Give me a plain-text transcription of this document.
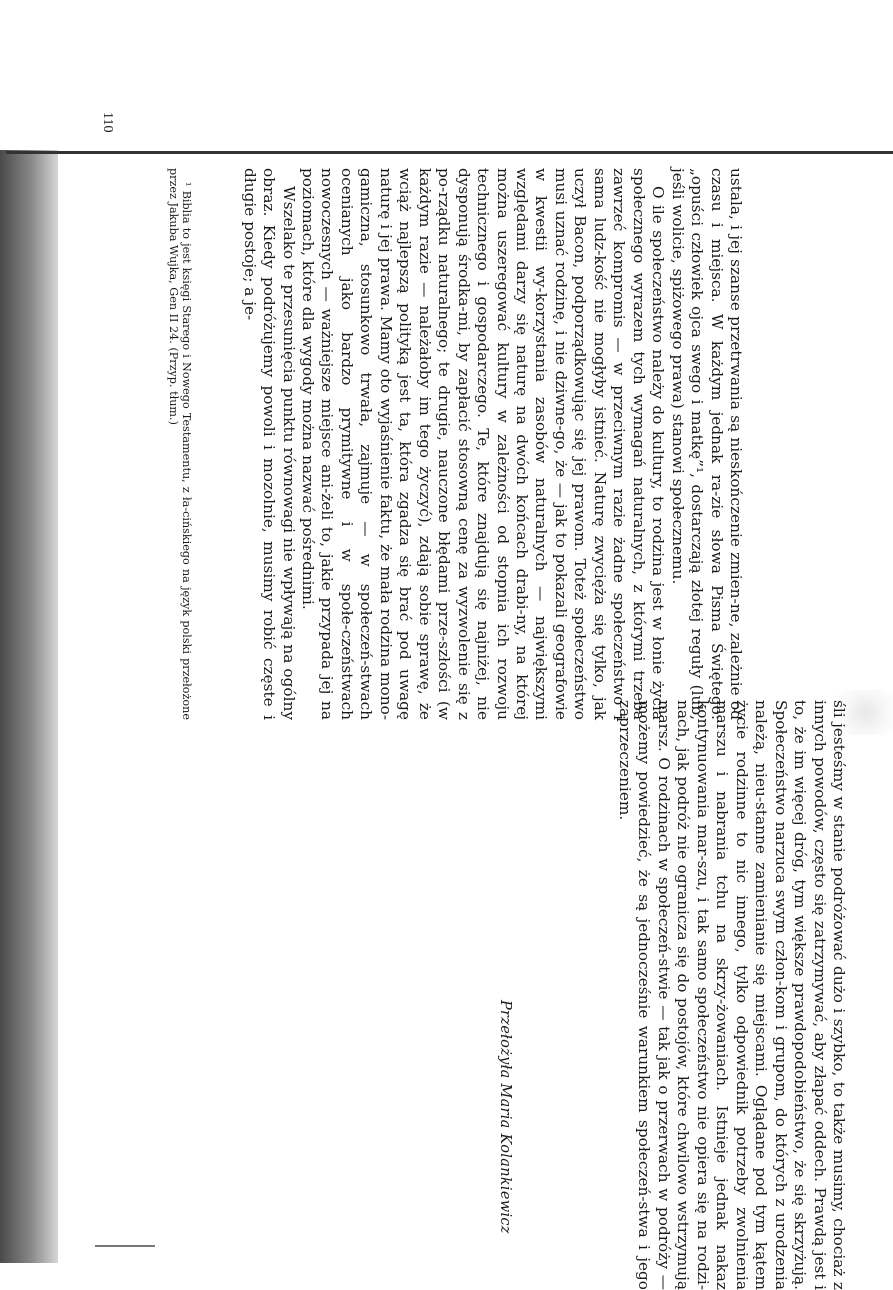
ustala, i jej szanse przetrwania są nieskończenie zmien-ne, zależnie od czasu i miejsca. W każdym jednak ra-zie słowa Pisma Świętego: „opuści człowiek ojca swego i matkę”¹, dostarczają złotej reguły (lub, jeśli wolicie, spiżowego prawa) stanowi społecznemu.

O ile społeczeństwo należy do kultury, to rodzina jest w łonie życia społecznego wyrazem tych wymagań naturalnych, z którymi trzeba zawrzeć kompromis — w przeciwnym razie żadne społeczeństwo i sama ludz-kość nie mogłyby istnieć. Naturę zwycięża się tylko, jak uczył Bacon, podporządkowując się jej prawom. Toteż społeczeństwo musi uznać rodzinę, i nie dziwne-go, że — jak to pokazali geografowie w kwestii wy-korzystania zasobów naturalnych — największymi względami darzy się naturę na dwóch końcach drabi-ny, na której można uszeregować kultury w zależności od stopnia ich rozwoju technicznego i gospodarczego. Te, które znajdują się najniżej, nie dysponują środka-mi, by zapłacić stosowną cenę za wyzwolenie się z po-rządku naturalnego; te drugie, nauczone błędami prze-szłości (w każdym razie — należałoby im tego życzyć), zdają sobie sprawę, że wciąż najlepszą polityką jest ta, która zgadza się brać pod uwagę naturę i jej prawa. Mamy oto wyjaśnienie faktu, że mała rodzina mono-gamiczna, stosunkowo trwała, zajmuje — w społeczeń-stwach ocenianych jako bardzo prymitywne i w społe-czeństwach nowoczesnych — ważniejsze miejsce ani-żeli to, jakie przypada jej na poziomach, które dla wygody można nazwać pośrednimi.

Wszelako te przesunięcia punktu równowagi nie wpływają na ogólny obraz. Kiedy podróżujemy powoli i mozolnie, musimy robić częste i długie postoje; a je-

¹ Biblia to jest księgi Starego i Nowego Testamentu, z ła-cińskiego na język polski przełożone przez Jakuba Wujka, Gen II 24. (Przyp. tłum.)

110

śli jesteśmy w stanie podróżować dużo i szybko, to także musimy, chociaż z innych powodów, często się zatrzymywać, aby złapać oddech. Prawdą jest i to, że im więcej dróg, tym większe prawdopodobieństwo, że się skrzyżują. Społeczeństwo narzuca swym człon-kom i grupom, do których z urodzenia należą, nieu-stanne zamienianie się miejscami. Oglądane pod tym kątem życie rodzinne to nic innego, tylko odpowiednik potrzeby zwolnienia marszu i nabrania tchu na skrzy-żowaniach. Istnieje jednak nakaz kontynuowania mar-szu, i tak samo społeczeństwo nie opiera się na rodzi-nach, jak podróż nie ogranicza się do postojów, które chwilowo wstrzymują marsz. O rodzinach w społeczeń-stwie — tak jak o przerwach w podróży — możemy powiedzieć, że są jednocześnie warunkiem społeczeń-stwa i jego zaprzeczeniem.

Przełożyła Maria Kolankiewicz
